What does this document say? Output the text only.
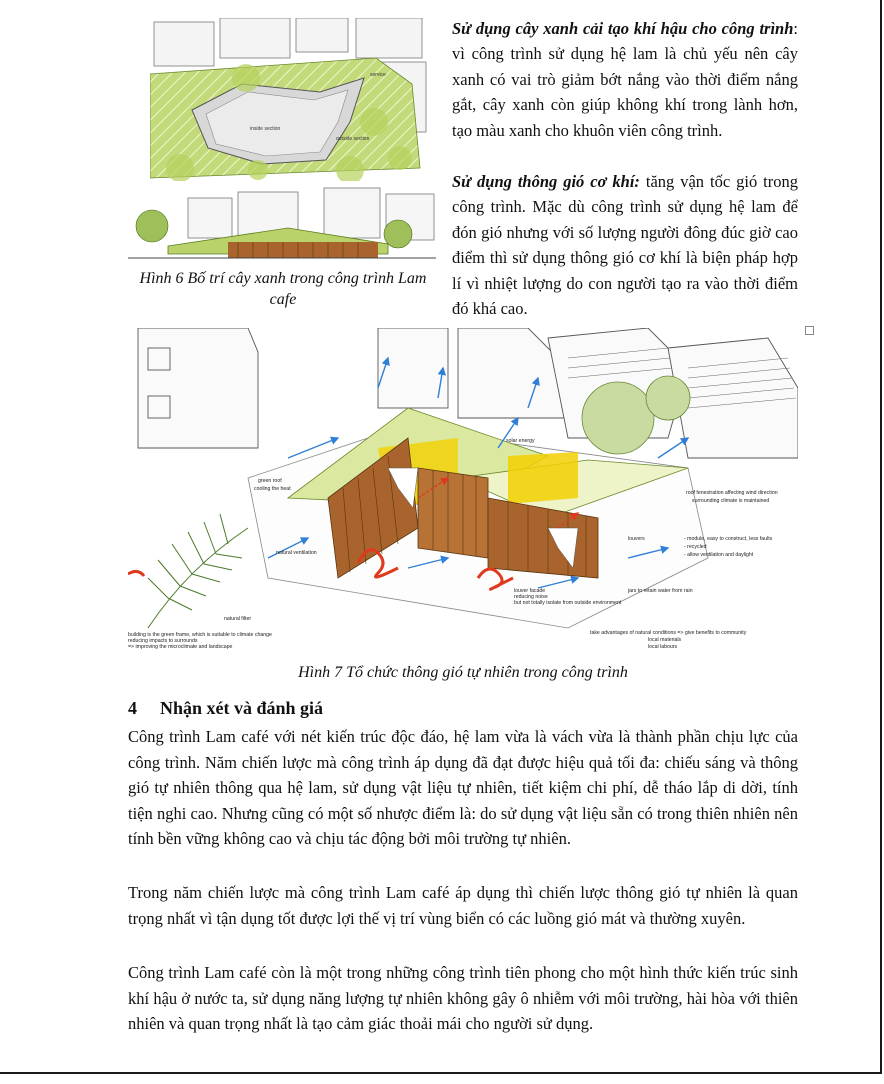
service
inside section
outside section
Hình 6 Bố trí cây xanh trong công trình Lam cafe
Sử dụng cây xanh cải tạo khí hậu cho công trình: vì công trình sử dụng hệ lam là chủ yếu nên cây xanh có vai trò giảm bớt nắng vào thời điểm nắng gắt, cây xanh còn giúp không khí trong lành hơn, tạo màu xanh cho khuôn viên công trình.
Sử dụng thông gió cơ khí: tăng vận tốc gió trong công trình. Mặc dù công trình sử dụng hệ lam để đón gió nhưng với số lượng người đông đúc giờ cao điểm thì sử dụng thông gió cơ khí là biện pháp hợp lí vì nhiệt lượng do con người tạo ra vào thời điểm đó khá cao.
solar energy
green roof
cooling the heat
roof fenestration affecting wind direction
surrounding climate is maintained
natural ventilation
louvers	- module, easy to construct, less faults
- recycled
- allow ventilation and daylight
louver facade
reducing noise
but not totally isolate from outside environment
jars to retain water from rain
natural filter
building is the green frame, which is suitable to climate change
reducing impacts to surrounds
=> improving the microclimate and landscape
take advantages of natural conditions => give benefits to community
local materials
local labours
Hình 7 Tổ chức thông gió tự nhiên trong công trình
4 Nhận xét và đánh giá
Công trình Lam café với nét kiến trúc độc đáo, hệ lam vừa là vách vừa là thành phần chịu lực của công trình. Năm chiến lược mà công trình áp dụng đã đạt được hiệu quả tối đa: chiếu sáng và thông gió tự nhiên thông qua hệ lam, sử dụng vật liệu tự nhiên, tiết kiệm chi phí, dễ tháo lắp di dời, tính tiện nghi cao. Nhưng cũng có một số nhược điểm là: do sử dụng vật liệu sẵn có trong thiên nhiên nên tính bền vững không cao và chịu tác động bởi môi trường tự nhiên.
Trong năm chiến lược mà công trình Lam café áp dụng thì chiến lược thông gió tự nhiên là quan trọng nhất vì tận dụng tốt được lợi thế vị trí vùng biển có các luồng gió mát và thường xuyên.
Công trình Lam café còn là một trong những công trình tiên phong cho một hình thức kiến trúc sinh khí hậu ở nước ta, sử dụng năng lượng tự nhiên không gây ô nhiễm với môi trường, hài hòa với thiên nhiên và quan trọng nhất là tạo cảm giác thoải mái cho người sử dụng.
